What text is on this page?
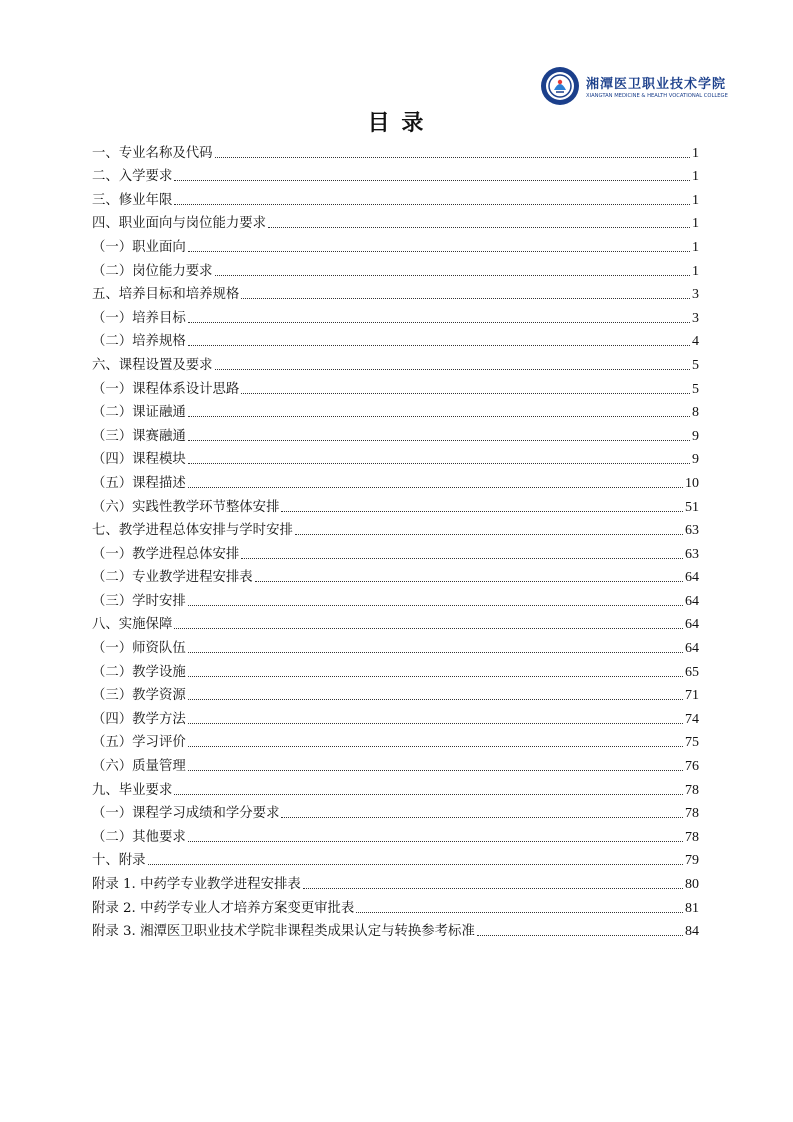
湘潭医卫职业技术学院
XIANGTAN MEDICINE & HEALTH VOCATIONAL COLLEGE
目 录
一、专业名称及代码	1
二、入学要求	1
三、修业年限	1
四、职业面向与岗位能力要求	1
（一）职业面向	1
（二）岗位能力要求	1
五、培养目标和培养规格	3
（一）培养目标	3
（二）培养规格	4
六、课程设置及要求	5
（一）课程体系设计思路	5
（二）课证融通	8
（三）课赛融通	9
（四）课程模块	9
（五）课程描述	10
（六）实践性教学环节整体安排	51
七、教学进程总体安排与学时安排	63
（一）教学进程总体安排	63
（二）专业教学进程安排表	64
（三）学时安排	64
八、实施保障	64
（一）师资队伍	64
（二）教学设施	65
（三）教学资源	71
（四）教学方法	74
（五）学习评价	75
（六）质量管理	76
九、毕业要求	78
（一）课程学习成绩和学分要求	78
（二）其他要求	78
十、附录	79
附录 1. 中药学专业教学进程安排表	80
附录 2. 中药学专业人才培养方案变更审批表	81
附录 3. 湘潭医卫职业技术学院非课程类成果认定与转换参考标准	84
